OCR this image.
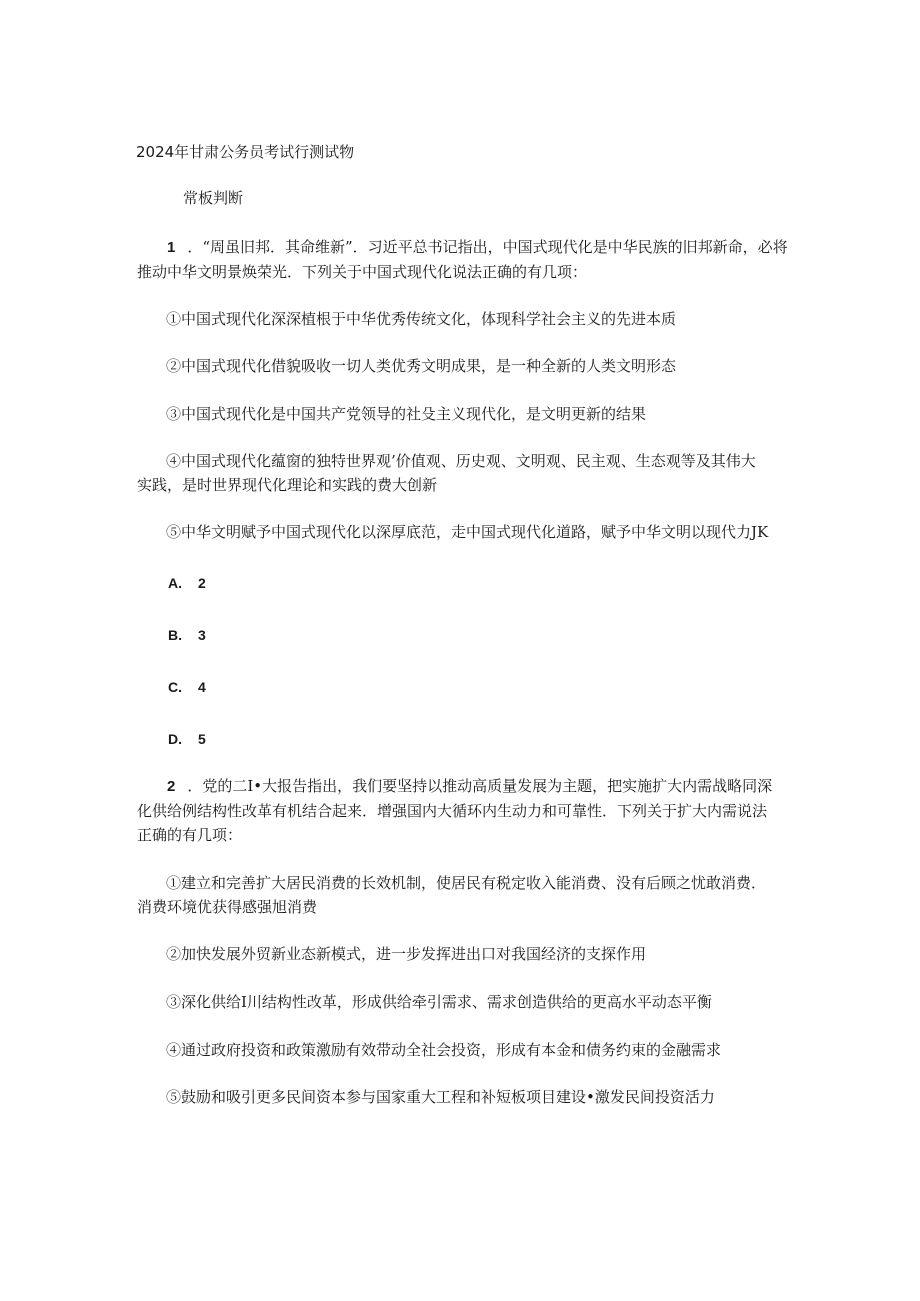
2024年甘肃公务员考试行测试物
常板判断
1 ．“周虽旧邦．其命维新”．习近平总书记指出，中国式现代化是中华民族的旧邦新命，必将
推动中华文明景焕荣光．下列关于中国式现代化说法正确的有几项：
①中国式现代化深深植根于中华优秀传统文化，体现科学社会主义的先进本质
②中国式现代化借貌吸收一切人类优秀文明成果，是一种全新的人类文明形态
③中国式现代化是中国共产党领导的社殳主义现代化，是文明更新的结果
④中国式现代化蕴窗的独特世界观’价值观、历史观、文明观、民主观、生态观等及其伟大
实践，是时世界现代化理论和实践的费大创新
⑤中华文明赋予中国式现代化以深厚底范，走中国式现代化道路，赋予中华文明以现代力JK
A. 2
B. 3
C. 4
D. 5
2 ．党的二I•大报告指出，我们要坚持以推动高质量发展为主题，把实施扩大内需战略同深
化供给例结构性改革有机结合起来．增强国内大循环内生动力和可靠性．下列关于扩大内需说法
正确的有几项：
①建立和完善扩大居民消费的长效机制，使居民有税定收入能消费、没有后顾之忧敢消费．
消费环境优获得感强旭消费
②加快发展外贸新业态新模式，进一步发挥进出口对我国经济的支探作用
③深化供给I川结构性改革，形成供给牵引需求、需求创造供给的更高水平动态平衡
④通过政府投资和政策激励有效带动全社会投资，形成有本金和债务约束的金融需求
⑤鼓励和吸引更多民间资本参与国家重大工程和补短板项目建设•激发民间投资活力
